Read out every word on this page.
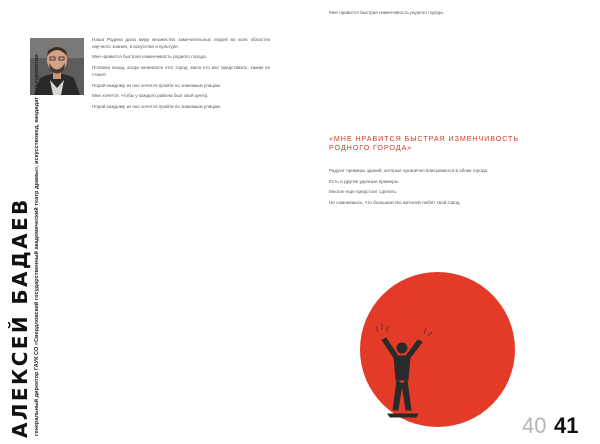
АЛЕКСЕЙ БАДАЕВ генеральный директор ГАУК СО «Свердловский государственный академический театр драмы», искусствовед, кандидат культурологии

Наша Родина дала миру множество замечательных людей во всех областях научного знания, в искусстве и культуре.

Мне нравится быстрая изменчивость родного города.

Полвека назад, когда начинался этот город, мало кто мог представить, каким он станет.

Порой каждому из нас хочется пройти по знакомым улицам.

Мне хочется, чтобы у каждого района был свой центр.

Порой каждому из нас хочется пройти по знакомым улицам.

Мне нравится быстрая изменчивость родного города.

«МНЕ НРАВИТСЯ БЫСТРАЯ ИЗМЕНЧИВОСТЬ РОДНОГО ГОРОДА»

Радуют примеры зданий, которые органично вписываются в облик города.

Есть и другие удачные примеры.

Многое еще предстоит сделать.

Не сомневаюсь, что большинство жителей любят свой город.

40 41
